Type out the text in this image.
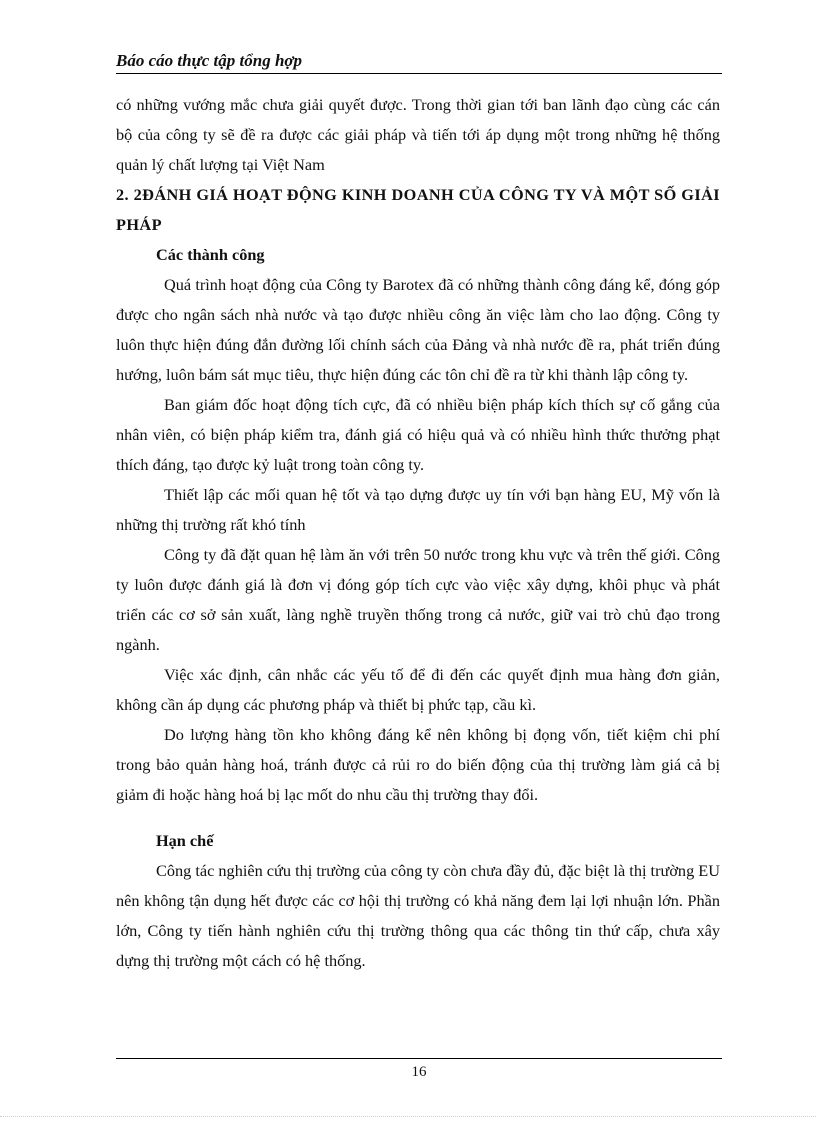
Báo cáo thực tập tổng hợp

có những vướng mắc chưa giải quyết được. Trong thời gian tới ban lãnh đạo cùng các cán bộ của công ty sẽ đề ra được các giải pháp và tiến tới áp dụng một trong những hệ thống quản lý chất lượng tại Việt Nam

2. 2ĐÁNH GIÁ HOẠT ĐỘNG KINH DOANH CỦA CÔNG TY VÀ MỘT SỐ GIẢI PHÁP

Các thành công

Quá trình hoạt động của Công ty Barotex đã có những thành công đáng kể, đóng góp được cho ngân sách nhà nước và tạo được nhiều công ăn việc làm cho lao động. Công ty luôn thực hiện đúng đắn đường lối chính sách của Đảng và nhà nước đề ra, phát triển đúng hướng, luôn bám sát mục tiêu, thực hiện đúng các tôn chỉ đề ra từ khi thành lập công ty.

Ban giám đốc hoạt động tích cực, đã có nhiều biện pháp kích thích sự cố gắng của nhân viên, có biện pháp kiểm tra, đánh giá có hiệu quả và có nhiều hình thức thưởng phạt thích đáng, tạo được kỷ luật trong toàn công ty.

Thiết lập các mối quan hệ tốt và tạo dựng được uy tín với bạn hàng EU, Mỹ vốn là những thị trường rất khó tính

Công ty đã đặt quan hệ làm ăn với trên 50 nước trong khu vực và trên thế giới. Công ty luôn được đánh giá là đơn vị đóng góp tích cực vào việc xây dựng, khôi phục và phát triển các cơ sở sản xuất, làng nghề truyền thống trong cả nước, giữ vai trò chủ đạo trong ngành.

Việc xác định, cân nhắc các yếu tố để đi đến các quyết định mua hàng đơn giản, không cần áp dụng các phương pháp và thiết bị phức tạp, cầu kì.

Do lượng hàng tồn kho không đáng kể nên không bị đọng vốn, tiết kiệm chi phí trong bảo quản hàng hoá, tránh được cả rủi ro do biến động của thị trường làm giá cả bị giảm đi hoặc hàng hoá bị lạc mốt do nhu cầu thị trường thay đổi.

Hạn chế

Công tác nghiên cứu thị trường của công ty còn chưa đầy đủ, đặc biệt là thị trường EU nên không tận dụng hết được các cơ hội thị trường có khả năng đem lại lợi nhuận lớn. Phần lớn, Công ty tiến hành nghiên cứu thị trường thông qua các thông tin thứ cấp, chưa xây dựng thị trường một cách có hệ thống.

16
